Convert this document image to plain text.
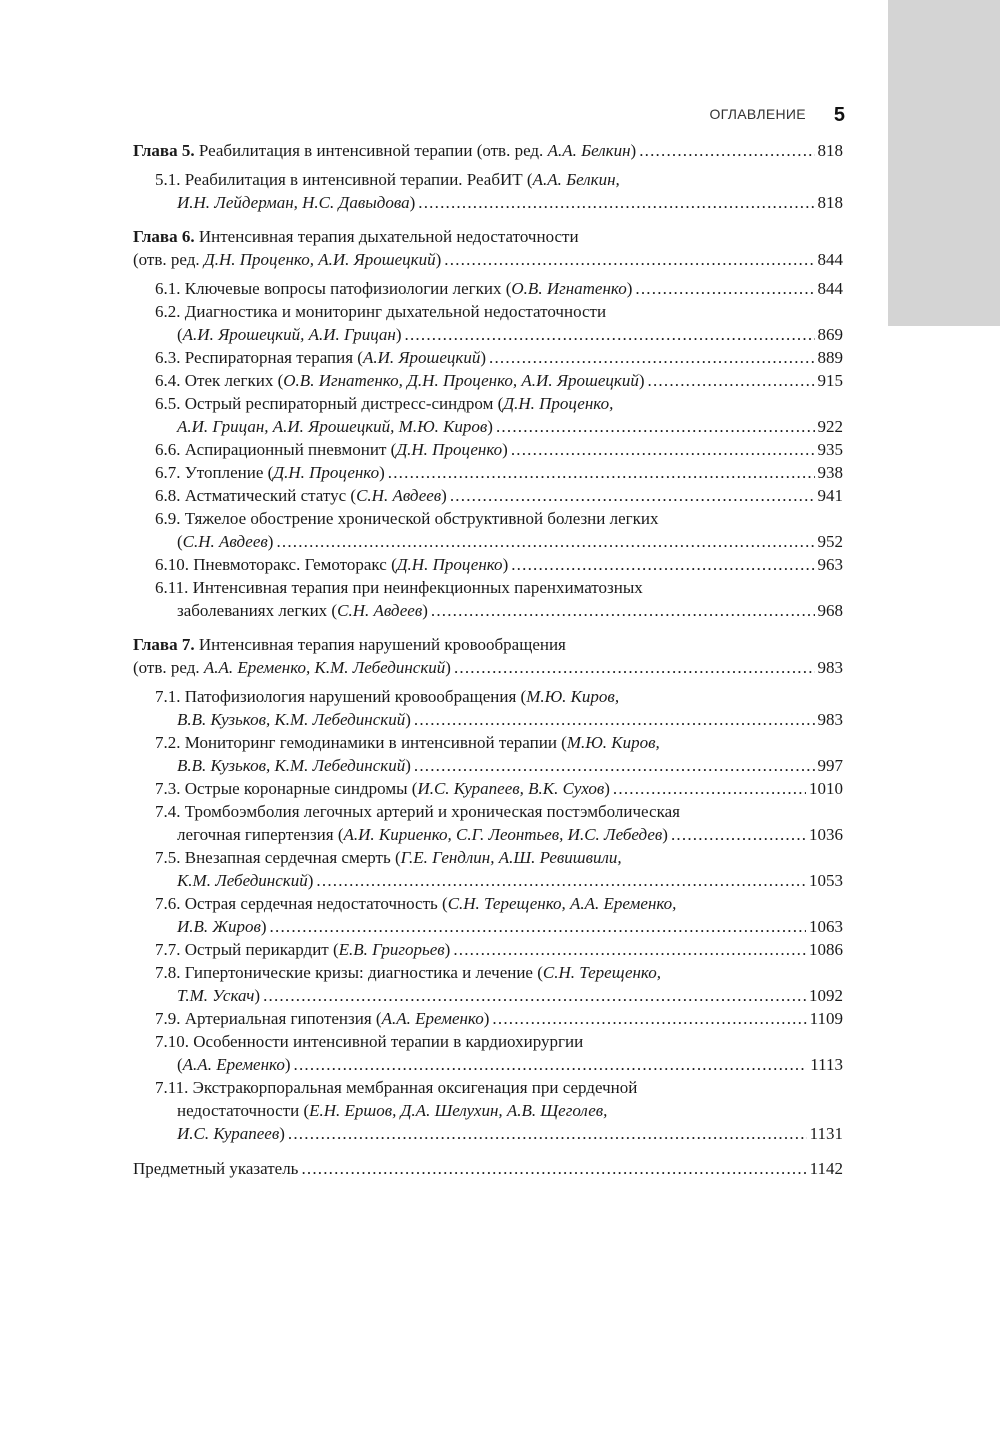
ОГЛАВЛЕНИЕ 5
Глава 5. Реабилитация в интенсивной терапии (отв. ред. А.А. Белкин) .....	818
5.1. Реабилитация в интенсивной терапии. РеабИТ (А.А. Белкин,
И.Н. Лейдерман, Н.С. Давыдова) .....	818
Глава 6. Интенсивная терапия дыхательной недостаточности
(отв. ред. Д.Н. Проценко, А.И. Ярошецкий) .....	844
6.1. Ключевые вопросы патофизиологии легких (О.В. Игнатенко) .....	844
6.2. Диагностика и мониторинг дыхательной недостаточности
(А.И. Ярошецкий, А.И. Грицан) .....	869
6.3. Респираторная терапия (А.И. Ярошецкий) .....	889
6.4. Отек легких (О.В. Игнатенко, Д.Н. Проценко, А.И. Ярошецкий) .....	915
6.5. Острый респираторный дистресс-синдром (Д.Н. Проценко,
А.И. Грицан, А.И. Ярошецкий, М.Ю. Киров) .....	922
6.6. Аспирационный пневмонит (Д.Н. Проценко) .....	935
6.7. Утопление (Д.Н. Проценко) .....	938
6.8. Астматический статус (С.Н. Авдеев) .....	941
6.9. Тяжелое обострение хронической обструктивной болезни легких
(С.Н. Авдеев) .....	952
6.10. Пневмоторакс. Гемоторакс (Д.Н. Проценко) .....	963
6.11. Интенсивная терапия при неинфекционных паренхиматозных
заболеваниях легких (С.Н. Авдеев) .....	968
Глава 7. Интенсивная терапия нарушений кровообращения
(отв. ред. А.А. Еременко, К.М. Лебединский) .....	983
7.1. Патофизиология нарушений кровообращения (М.Ю. Киров,
В.В. Кузьков, К.М. Лебединский) .....	983
7.2. Мониторинг гемодинамики в интенсивной терапии (М.Ю. Киров,
В.В. Кузьков, К.М. Лебединский) .....	997
7.3. Острые коронарные синдромы (И.С. Курапеев, В.К. Сухов) .....	1010
7.4. Тромбоэмболия легочных артерий и хроническая постэмболическая
легочная гипертензия (А.И. Кириенко, С.Г. Леонтьев, И.С. Лебедев) .....	1036
7.5. Внезапная сердечная смерть (Г.Е. Гендлин, А.Ш. Ревишвили,
К.М. Лебединский) .....	1053
7.6. Острая сердечная недостаточность (С.Н. Терещенко, А.А. Еременко,
И.В. Жиров) .....	1063
7.7. Острый перикардит (Е.В. Григорьев) .....	1086
7.8. Гипертонические кризы: диагностика и лечение (С.Н. Терещенко,
Т.М. Ускач) .....	1092
7.9. Артериальная гипотензия (А.А. Еременко) .....	1109
7.10. Особенности интенсивной терапии в кардиохирургии
(А.А. Еременко) .....	1113
7.11. Экстракорпоральная мембранная оксигенация при сердечной
недостаточности (Е.Н. Ершов, Д.А. Шелухин, А.В. Щеголев,
И.С. Курапеев) .....	1131
Предметный указатель .....	1142
